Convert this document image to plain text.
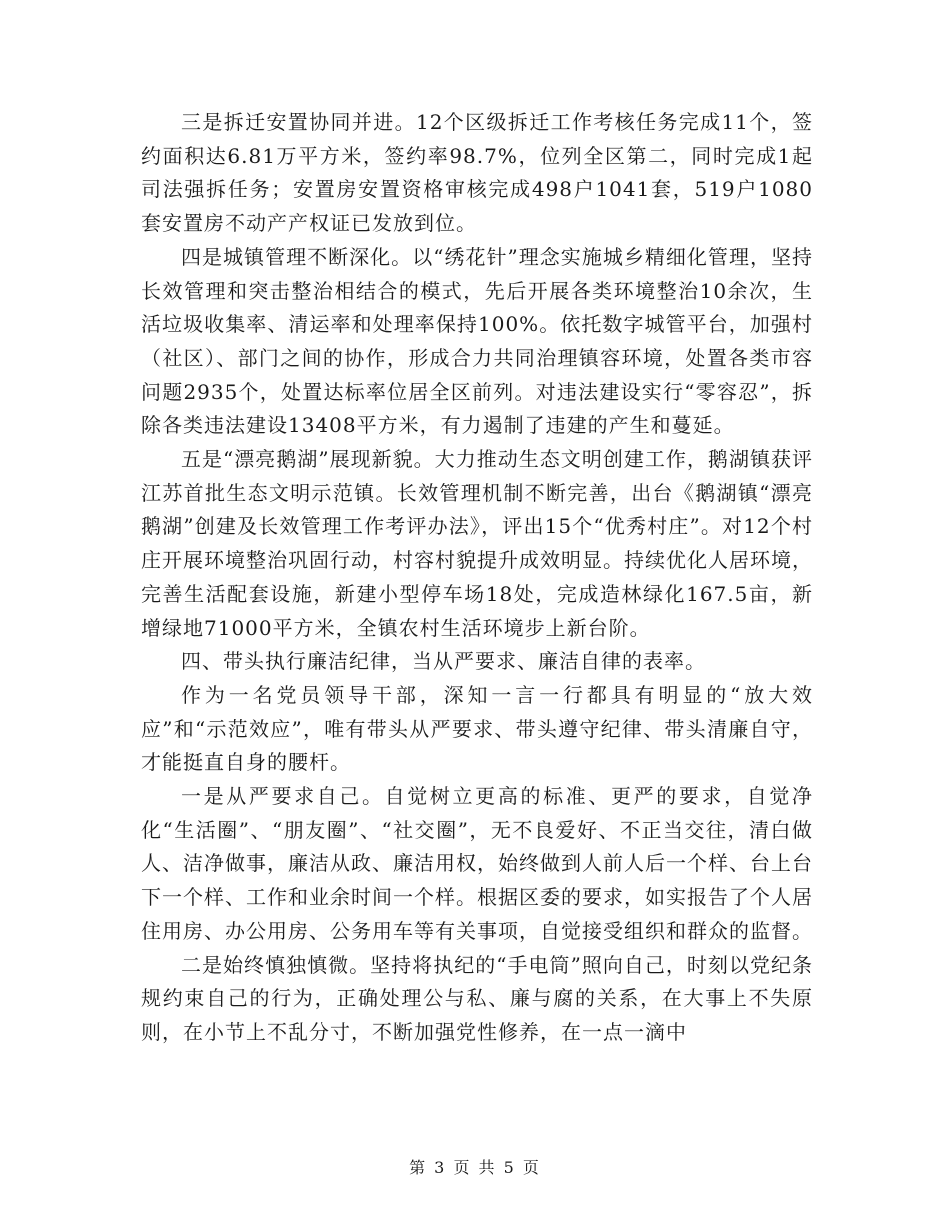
三是拆迁安置协同并进。12个区级拆迁工作考核任务完成11个，签约面积达6.81万平方米，签约率98.7%，位列全区第二，同时完成1起司法强拆任务；安置房安置资格审核完成498户1041套，519户1080套安置房不动产产权证已发放到位。

四是城镇管理不断深化。以“绣花针”理念实施城乡精细化管理，坚持长效管理和突击整治相结合的模式，先后开展各类环境整治10余次，生活垃圾收集率、清运率和处理率保持100%。依托数字城管平台，加强村（社区）、部门之间的协作，形成合力共同治理镇容环境，处置各类市容问题2935个，处置达标率位居全区前列。对违法建设实行“零容忍”，拆除各类违法建设13408平方米，有力遏制了违建的产生和蔓延。

五是“漂亮鹅湖”展现新貌。大力推动生态文明创建工作，鹅湖镇获评江苏首批生态文明示范镇。长效管理机制不断完善，出台《鹅湖镇“漂亮鹅湖”创建及长效管理工作考评办法》，评出15个“优秀村庄”。对12个村庄开展环境整治巩固行动，村容村貌提升成效明显。持续优化人居环境，完善生活配套设施，新建小型停车场18处，完成造林绿化167.5亩，新增绿地71000平方米，全镇农村生活环境步上新台阶。

四、带头执行廉洁纪律，当从严要求、廉洁自律的表率。

作为一名党员领导干部，深知一言一行都具有明显的“放大效应”和“示范效应”，唯有带头从严要求、带头遵守纪律、带头清廉自守，才能挺直自身的腰杆。

一是从严要求自己。自觉树立更高的标准、更严的要求，自觉净化“生活圈”、“朋友圈”、“社交圈”，无不良爱好、不正当交往，清白做人、洁净做事，廉洁从政、廉洁用权，始终做到人前人后一个样、台上台下一个样、工作和业余时间一个样。根据区委的要求，如实报告了个人居住用房、办公用房、公务用车等有关事项，自觉接受组织和群众的监督。

二是始终慎独慎微。坚持将执纪的“手电筒”照向自己，时刻以党纪条规约束自己的行为，正确处理公与私、廉与腐的关系，在大事上不失原则，在小节上不乱分寸，不断加强党性修养，在一点一滴中

第 3 页 共 5 页
